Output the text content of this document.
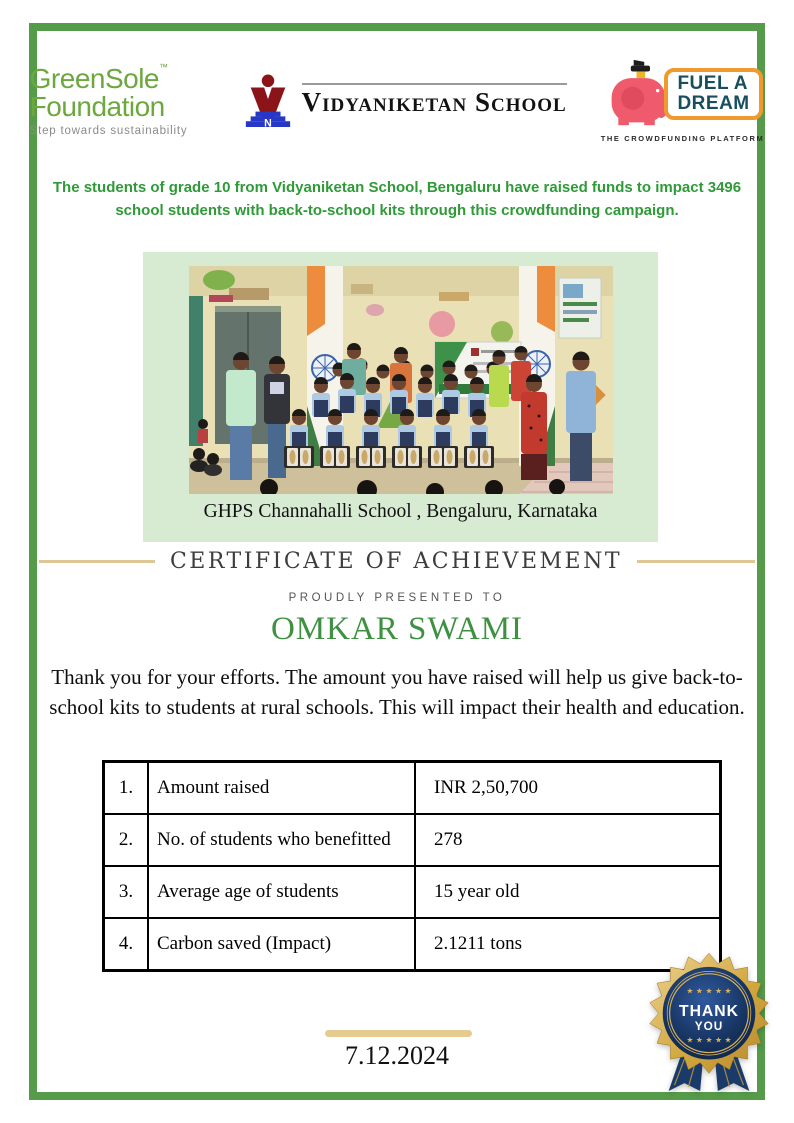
GreenSole™
Foundation
Step towards sustainability
N
Vidyaniketan School
FUEL A
DREAM
THE CROWDFUNDING PLATFORM
The students of grade 10 from Vidyaniketan School, Bengaluru have raised funds to impact 3496 school students with back-to-school kits through this crowdfunding campaign.
GHPS Channahalli School , Bengaluru, Karnataka
CERTIFICATE OF ACHIEVEMENT
PROUDLY PRESENTED TO
OMKAR SWAMI
Thank you for your efforts. The amount you have raised will help us give back-to-school kits to students at rural schools. This will impact their health and education.
1.	Amount raised	INR 2,50,700
2.	No. of students who benefitted	278
3.	Average age of students	15 year old
4.	Carbon saved (Impact)	2.1211 tons
7.12.2024
★ ★ ★ ★ ★
THANK
YOU
★ ★ ★ ★ ★
